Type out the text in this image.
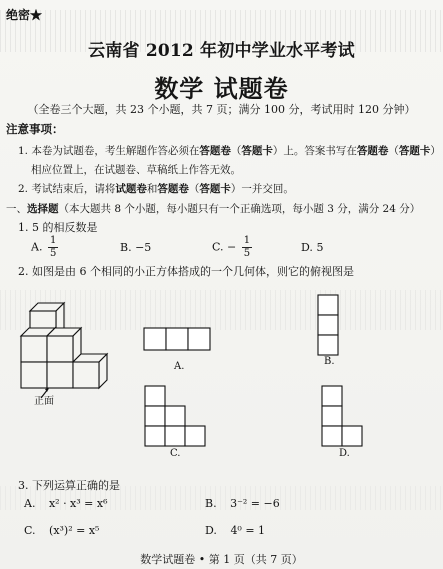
绝密★
云南省 2012 年初中学业水平考试
数学 试题卷
（全卷三个大题，共 23 个小题，共 7 页；满分 100 分，考试用时 120 分钟）
注意事项：
1. 本卷为试题卷，考生解题作答必须在答题卷（答题卡）上。答案书写在答题卷（答题卡）
相应位置上，在试题卷、草稿纸上作答无效。
2. 考试结束后，请将试题卷和答题卷（答题卡）一并交回。
一、选择题（本大题共 8 个小题，每小题只有一个正确选项，每小题 3 分，满分 24 分）
1. 5 的相反数是
A. $\frac{1}{5}$	B. −5	C. − $\frac{1}{5}$	D. 5
2. 如图是由 6 个相同的小正方体搭成的一个几何体，则它的俯视图是
正面
A.	B.
C.	D.
3. 下列运算正确的是
A. x² · x³ = x⁶	B. 3⁻² = −6
C. (x³)² = x⁵	D. 4⁰ = 1
数学试题卷 • 第 1 页（共 7 页）
